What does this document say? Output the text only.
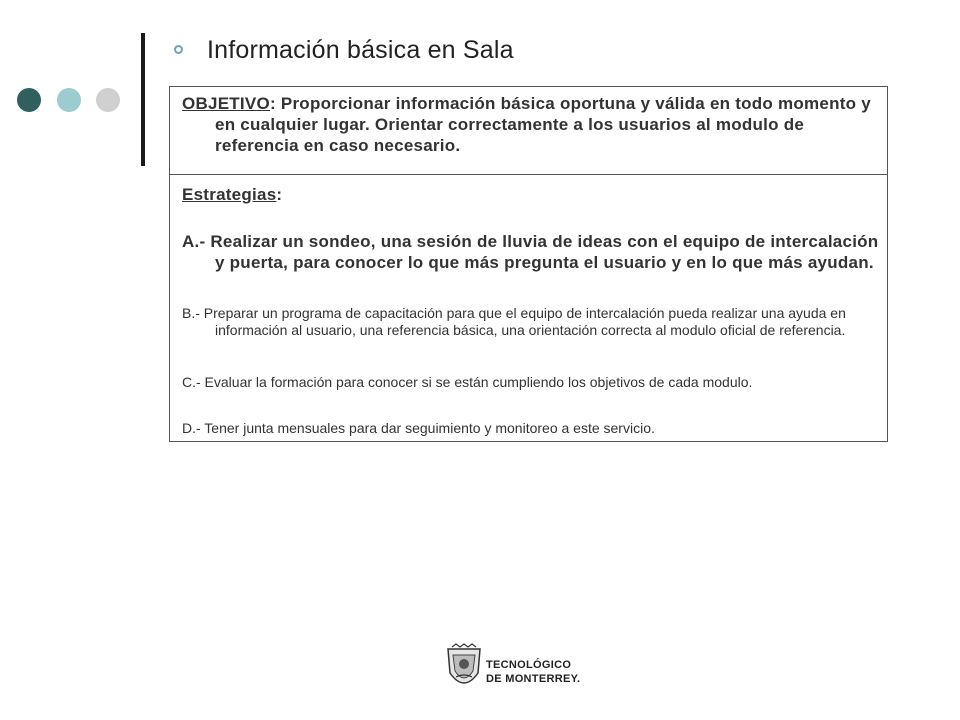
Información básica en Sala
OBJETIVO: Proporcionar información básica oportuna y válida en todo momento y en cualquier lugar. Orientar correctamente a los usuarios al modulo de referencia en caso necesario.
Estrategias:
A.- Realizar un sondeo, una sesión de lluvia de ideas con el equipo de intercalación y puerta, para conocer lo que más pregunta el usuario y en lo que más ayudan.
B.- Preparar un programa de capacitación para que el equipo de intercalación pueda realizar una ayuda en información al usuario, una referencia básica, una orientación correcta al modulo oficial de referencia.
C.- Evaluar la formación para conocer si se están cumpliendo los objetivos de cada modulo.
D.- Tener junta mensuales para dar seguimiento y monitoreo a este servicio.
TECNOLÓGICO
DE MONTERREY.
